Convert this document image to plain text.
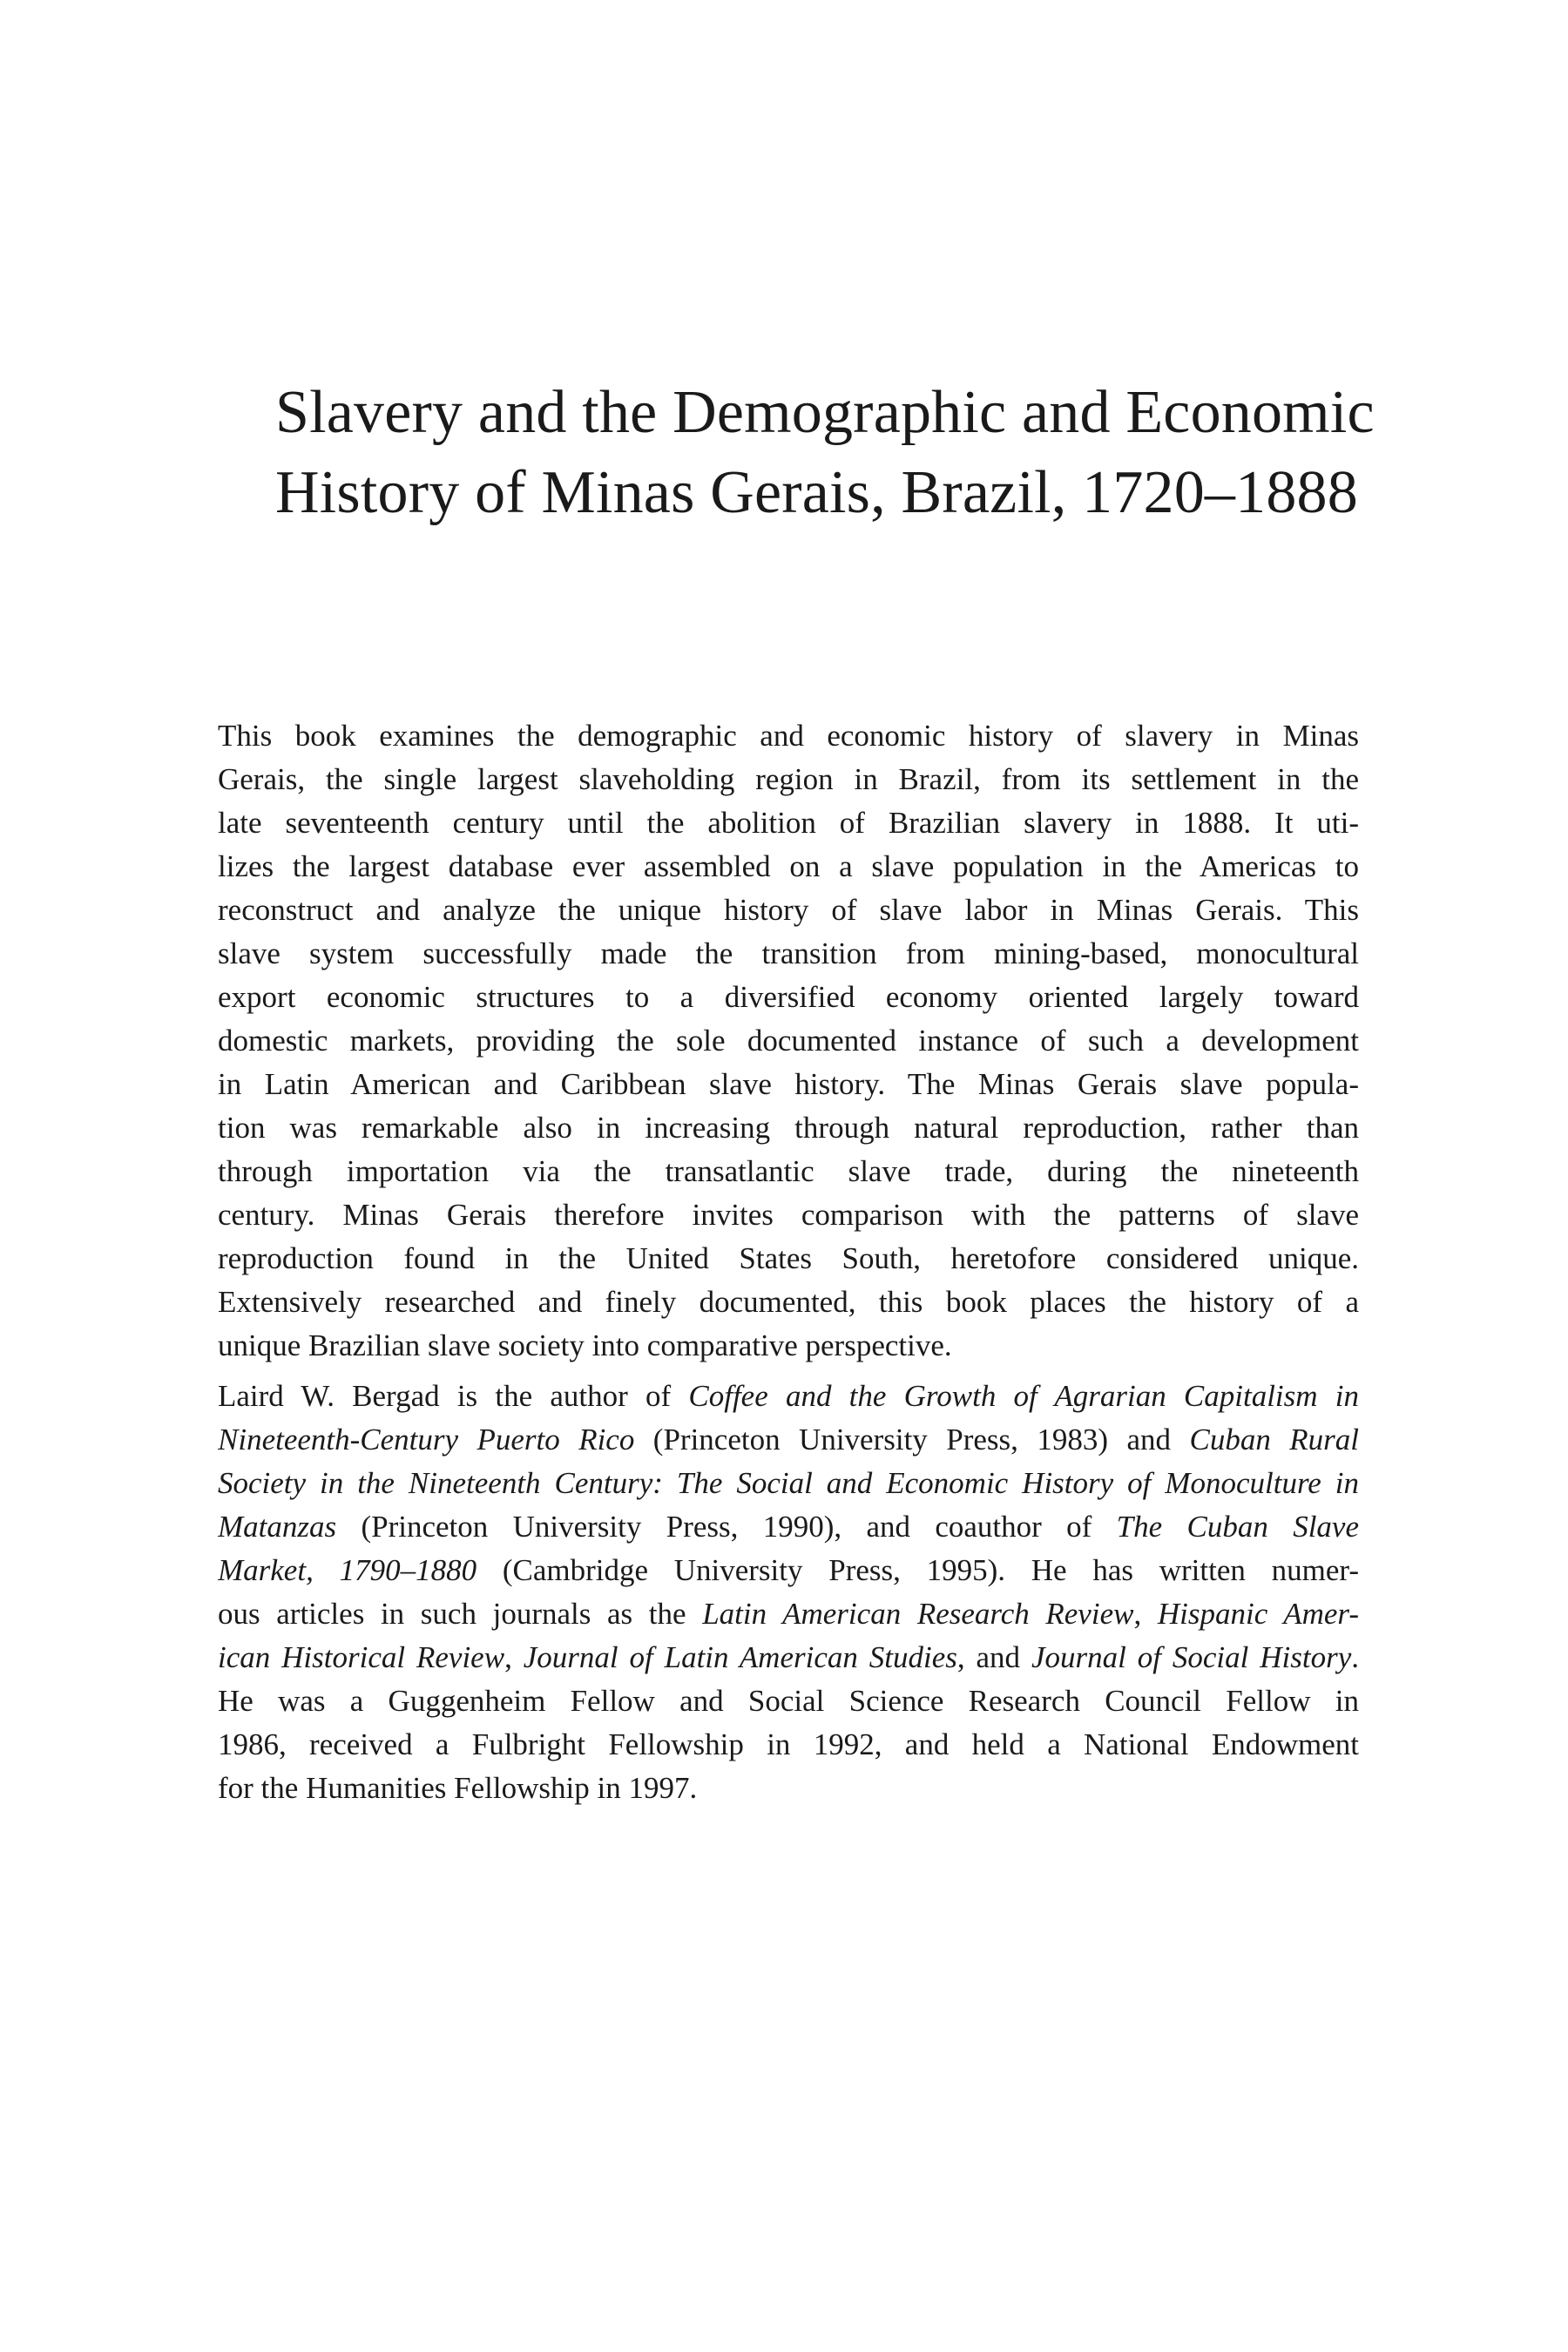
Slavery and the Demographic and Economic
History of Minas Gerais, Brazil, 1720–1888
This book examines the demographic and economic history of slavery in Minas
Gerais, the single largest slaveholding region in Brazil, from its settlement in the
late seventeenth century until the abolition of Brazilian slavery in 1888. It uti-
lizes the largest database ever assembled on a slave population in the Americas to
reconstruct and analyze the unique history of slave labor in Minas Gerais. This
slave system successfully made the transition from mining-based, monocultural
export economic structures to a diversified economy oriented largely toward
domestic markets, providing the sole documented instance of such a development
in Latin American and Caribbean slave history. The Minas Gerais slave popula-
tion was remarkable also in increasing through natural reproduction, rather than
through importation via the transatlantic slave trade, during the nineteenth
century. Minas Gerais therefore invites comparison with the patterns of slave
reproduction found in the United States South, heretofore considered unique.
Extensively researched and finely documented, this book places the history of a
unique Brazilian slave society into comparative perspective.
Laird W. Bergad is the author of Coffee and the Growth of Agrarian Capitalism in
Nineteenth-Century Puerto Rico (Princeton University Press, 1983) and Cuban Rural
Society in the Nineteenth Century: The Social and Economic History of Monoculture in
Matanzas (Princeton University Press, 1990), and coauthor of The Cuban Slave
Market, 1790–1880 (Cambridge University Press, 1995). He has written numer-
ous articles in such journals as the Latin American Research Review, Hispanic Amer-
ican Historical Review, Journal of Latin American Studies, and Journal of Social History.
He was a Guggenheim Fellow and Social Science Research Council Fellow in
1986, received a Fulbright Fellowship in 1992, and held a National Endowment
for the Humanities Fellowship in 1997.
